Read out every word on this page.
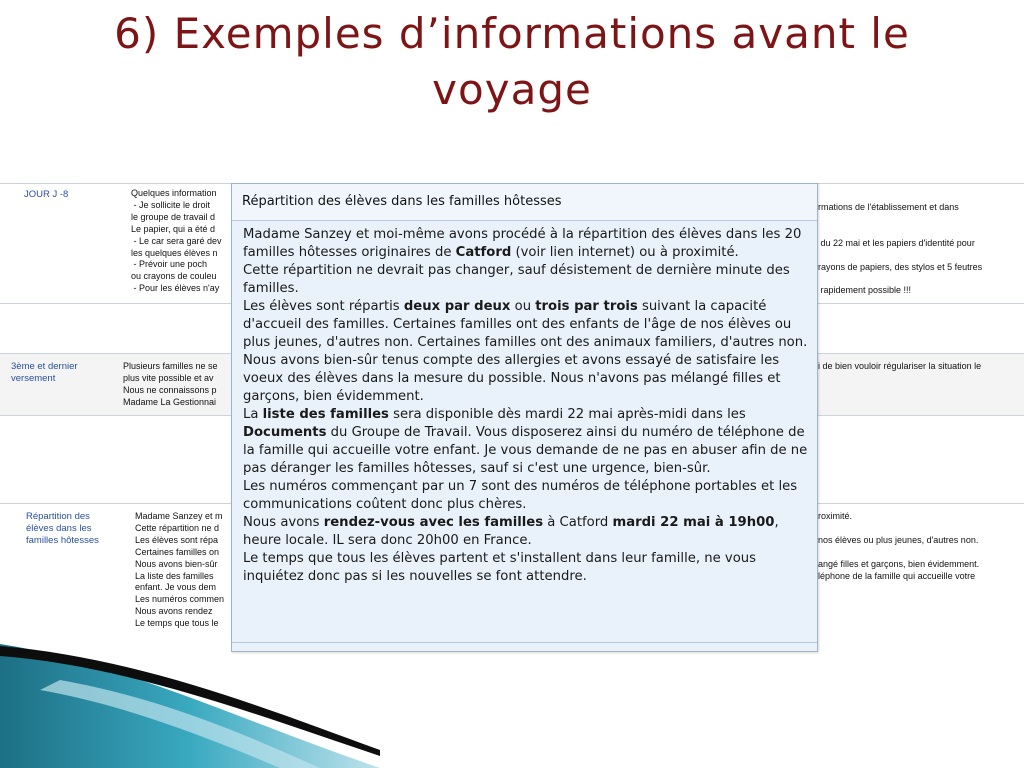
6) Exemples d’informations avant le
voyage
JOUR J -8	Quelques information
- Je sollicite le droit
le groupe de travail d
Le papier, qui a été d
- Le car sera garé dev
les quelques élèves n
- Prévoir une poch
ou crayons de couleu
- Pour les élèves n'ay
rmations de l'établissement et dans

du 22 mai et les papiers d'identité pour

rayons de papiers, des stylos et 5 feutres

rapidement possible !!!
3ème et dernier versement
Plusieurs familles ne se
plus vite possible et av
Nous ne connaissons p
Madame La Gestionnai
i de bien vouloir régulariser la situation le
Répartition des élèves dans les familles hôtesses
Madame Sanzey et m
Cette répartition ne d
Les élèves sont répa
Certaines familles on
Nous avons bien-sûr
La liste des familles
enfant. Je vous dem
Les numéros commen
Nous avons rendez
Le temps que tous le
roximité.

nos élèves ou plus jeunes, d'autres non.

angé filles et garçons, bien évidemment.
léphone de la famille qui accueille votre
Répartition des élèves dans les familles hôtesses

Madame Sanzey et moi-même avons procédé à la répartition des élèves dans les 20 familles hôtesses originaires de Catford (voir lien internet) ou à proximité.

Cette répartition ne devrait pas changer, sauf désistement de dernière minute des familles.

Les élèves sont répartis deux par deux ou trois par trois suivant la capacité d'accueil des familles. Certaines familles ont des enfants de l'âge de nos élèves ou plus jeunes, d'autres non. Certaines familles ont des animaux familiers, d'autres non.

Nous avons bien-sûr tenus compte des allergies et avons essayé de satisfaire les voeux des élèves dans la mesure du possible. Nous n'avons pas mélangé filles et garçons, bien évidemment.

La liste des familles sera disponible dès mardi 22 mai après-midi dans les Documents du Groupe de Travail. Vous disposerez ainsi du numéro de téléphone de la famille qui accueille votre enfant. Je vous demande de ne pas en abuser afin de ne pas déranger les familles hôtesses, sauf si c'est une urgence, bien-sûr.

Les numéros commençant par un 7 sont des numéros de téléphone portables et les communications coûtent donc plus chères.

Nous avons rendez-vous avec les familles à Catford mardi 22 mai à 19h00, heure locale. IL sera donc 20h00 en France.

Le temps que tous les élèves partent et s'installent dans leur famille, ne vous inquiétez donc pas si les nouvelles se font attendre.
